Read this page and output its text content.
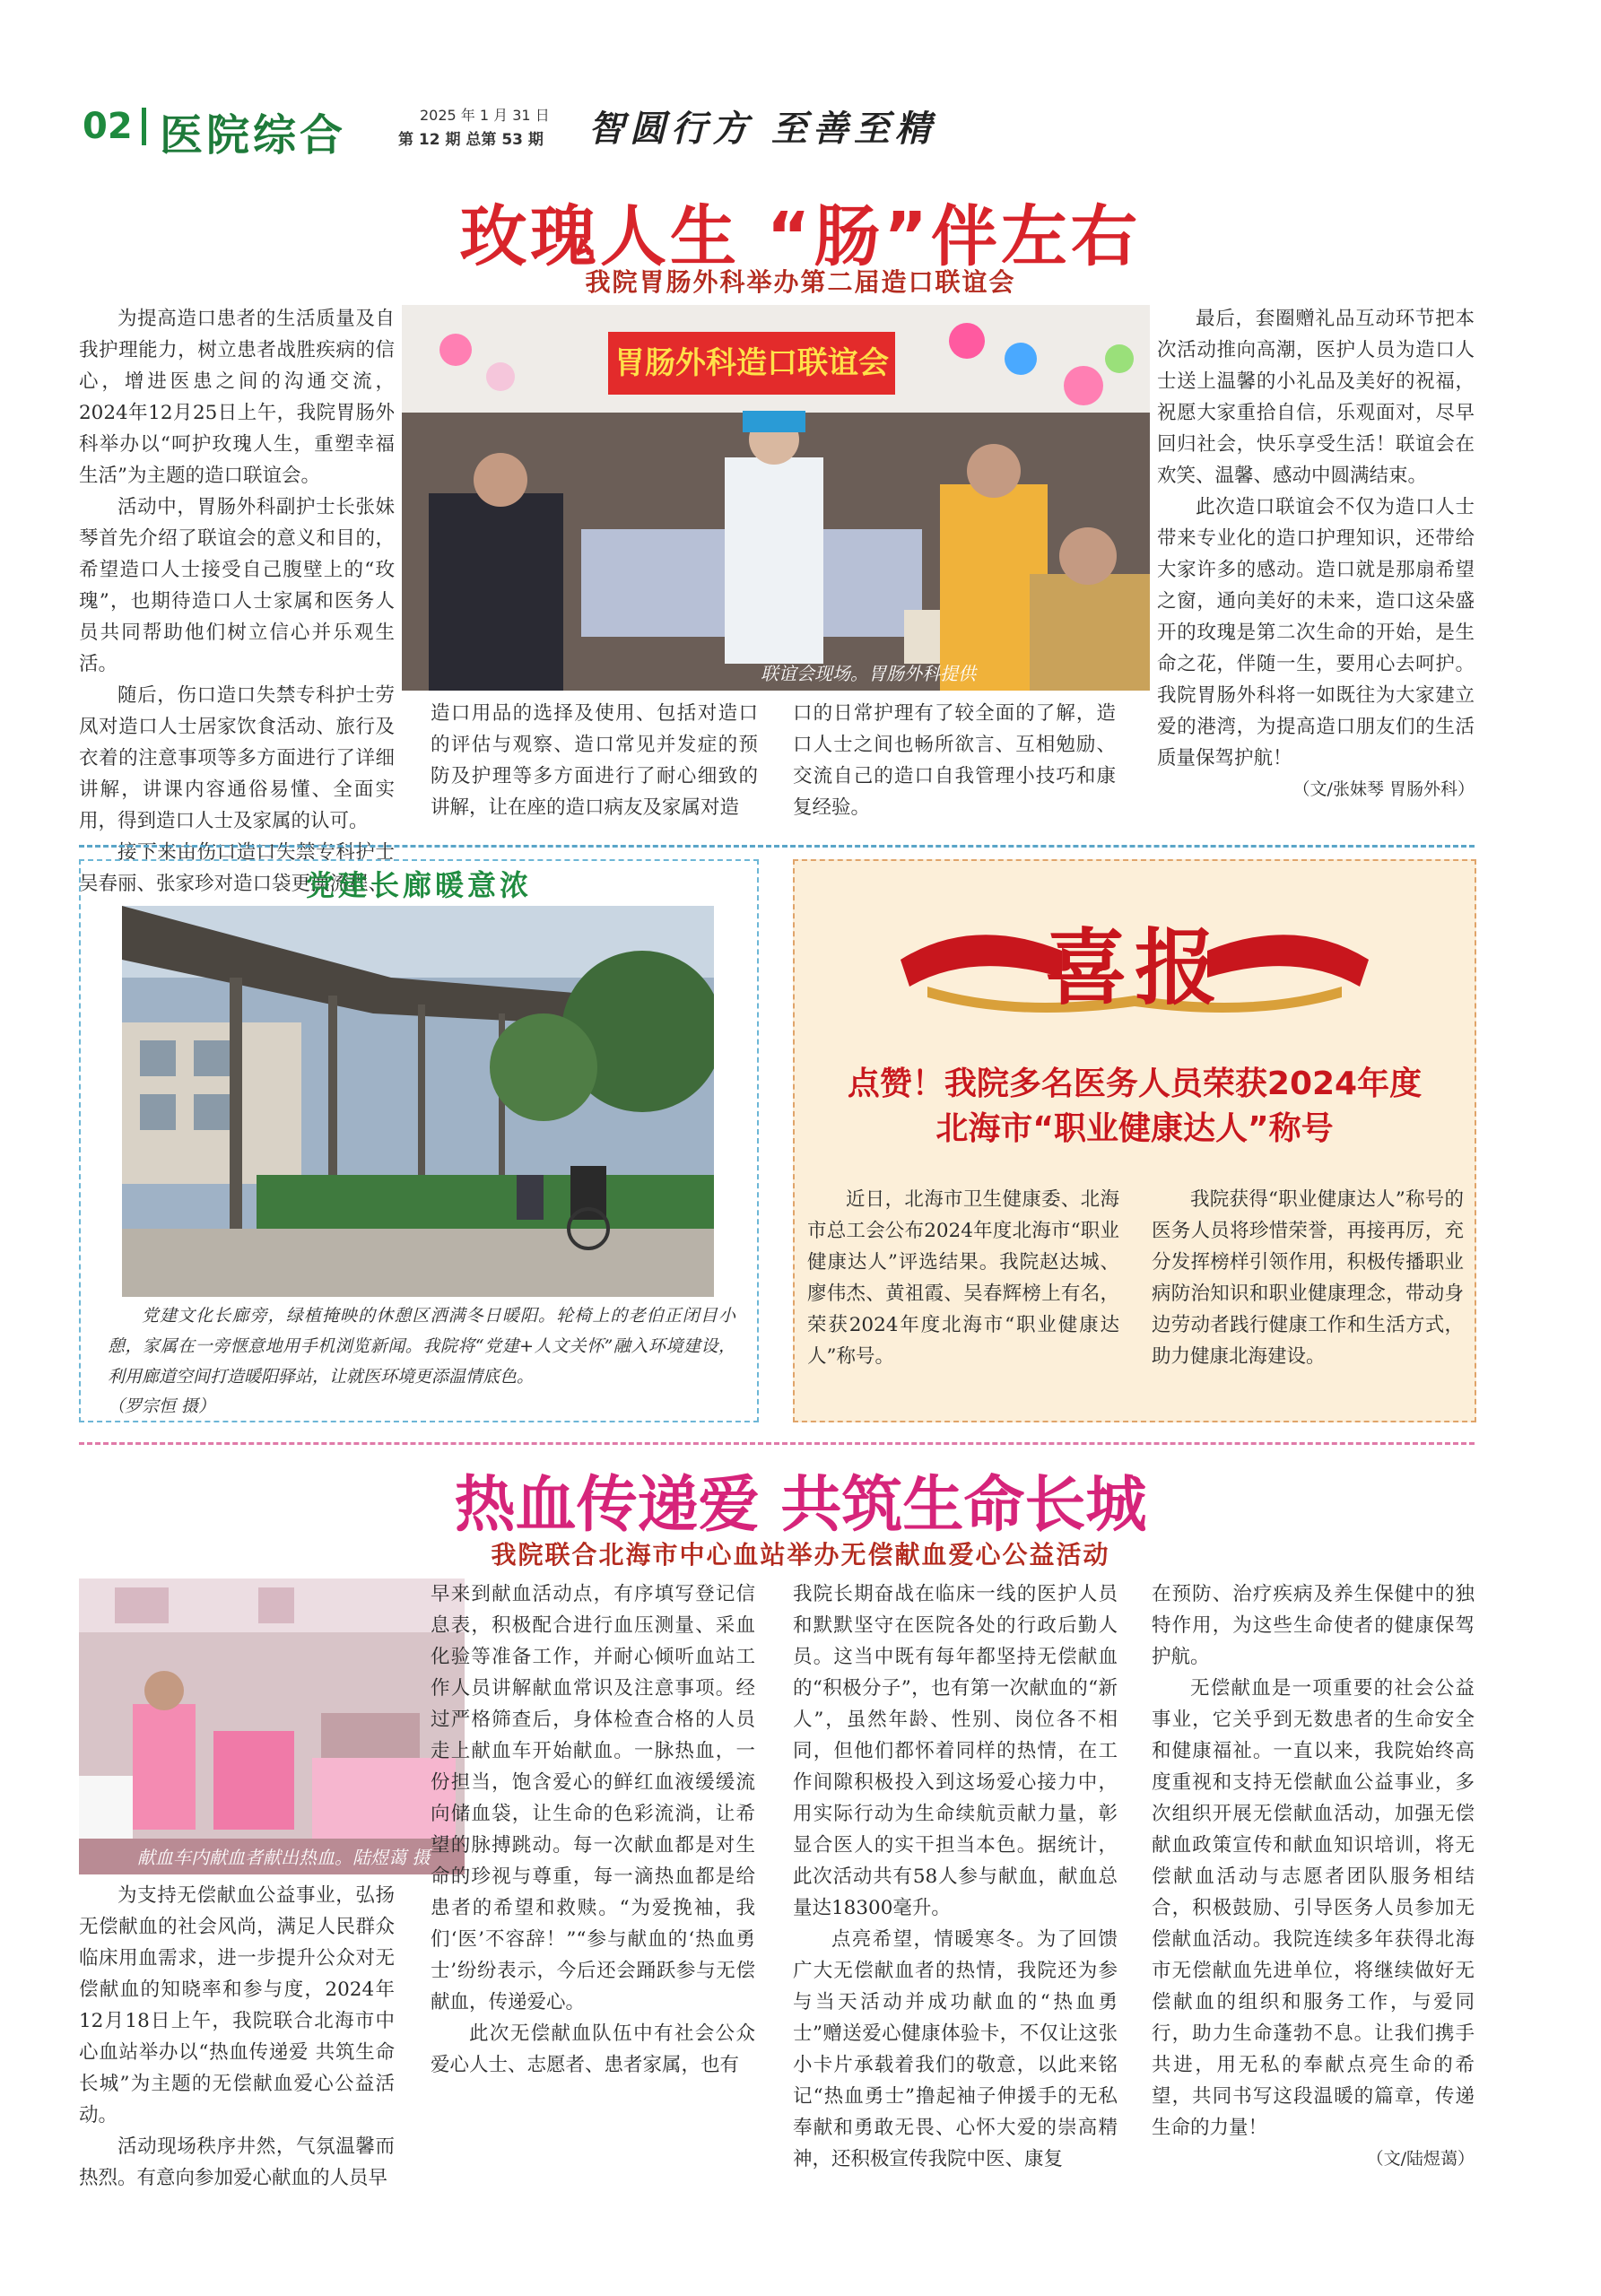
02 医院综合	2025 年 1 月 31 日
第 12 期 总第 53 期 智圆行方 至善至精
玫瑰人生 “肠”伴左右
我院胃肠外科举办第二届造口联谊会

为提高造口患者的生活质量及自我护理能力，树立患者战胜疾病的信心，增进医患之间的沟通交流，2024年12月25日上午，我院胃肠外科举办以“呵护玫瑰人生，重塑幸福生活”为主题的造口联谊会。

活动中，胃肠外科副护士长张妹琴首先介绍了联谊会的意义和目的，希望造口人士接受自己腹壁上的“玫瑰”，也期待造口人士家属和医务人员共同帮助他们树立信心并乐观生活。

随后，伤口造口失禁专科护士劳凤对造口人士居家饮食活动、旅行及衣着的注意事项等多方面进行了详细讲解，讲课内容通俗易懂、全面实用，得到造口人士及家属的认可。

接下来由伤口造口失禁专科护士吴春丽、张家珍对造口袋更换流程、

胃肠外科造口联谊会
联谊会现场。胃肠外科提供

造口用品的选择及使用、包括对造口的评估与观察、造口常见并发症的预防及护理等多方面进行了耐心细致的讲解，让在座的造口病友及家属对造

口的日常护理有了较全面的了解，造口人士之间也畅所欲言、互相勉励、交流自己的造口自我管理小技巧和康复经验。

最后，套圈赠礼品互动环节把本次活动推向高潮，医护人员为造口人士送上温馨的小礼品及美好的祝福，祝愿大家重拾自信，乐观面对，尽早回归社会，快乐享受生活！联谊会在欢笑、温馨、感动中圆满结束。

此次造口联谊会不仅为造口人士带来专业化的造口护理知识，还带给大家许多的感动。造口就是那扇希望之窗，通向美好的未来，造口这朵盛开的玫瑰是第二次生命的开始，是生命之花，伴随一生，要用心去呵护。我院胃肠外科将一如既往为大家建立爱的港湾，为提高造口朋友们的生活质量保驾护航！

（文/张妹琴 胃肠外科）

党建长廊暖意浓
党建文化长廊旁，绿植掩映的休憩区洒满冬日暖阳。轮椅上的老伯正闭目小憩，家属在一旁惬意地用手机浏览新闻。我院将“党建+人文关怀”融入环境建设，利用廊道空间打造暖阳驿站，让就医环境更添温情底色。
（罗宗恒 摄）
喜报
点赞！我院多名医务人员荣获2024年度
北海市“职业健康达人”称号

近日，北海市卫生健康委、北海市总工会公布2024年度北海市“职业健康达人”评选结果。我院赵达城、廖伟杰、黄祖霞、吴春辉榜上有名，荣获2024年度北海市“职业健康达人”称号。

我院获得“职业健康达人”称号的医务人员将珍惜荣誉，再接再厉，充分发挥榜样引领作用，积极传播职业病防治知识和职业健康理念，带动身边劳动者践行健康工作和生活方式，助力健康北海建设。

热血传递爱 共筑生命长城
我院联合北海市中心血站举办无偿献血爱心公益活动
献血车内献血者献出热血。陆煜蔼 摄

为支持无偿献血公益事业，弘扬无偿献血的社会风尚，满足人民群众临床用血需求，进一步提升公众对无偿献血的知晓率和参与度，2024年12月18日上午，我院联合北海市中心血站举办以“热血传递爱 共筑生命长城”为主题的无偿献血爱心公益活动。

活动现场秩序井然，气氛温馨而热烈。有意向参加爱心献血的人员早

早来到献血活动点，有序填写登记信息表，积极配合进行血压测量、采血化验等准备工作，并耐心倾听血站工作人员讲解献血常识及注意事项。经过严格筛查后，身体检查合格的人员走上献血车开始献血。一脉热血，一份担当，饱含爱心的鲜红血液缓缓流向储血袋，让生命的色彩流淌，让希望的脉搏跳动。每一次献血都是对生命的珍视与尊重，每一滴热血都是给患者的希望和救赎。“为爱挽袖，我们‘医’不容辞！”“参与献血的‘热血勇士’纷纷表示，今后还会踊跃参与无偿献血，传递爱心。

此次无偿献血队伍中有社会公众爱心人士、志愿者、患者家属，也有

我院长期奋战在临床一线的医护人员和默默坚守在医院各处的行政后勤人员。这当中既有每年都坚持无偿献血的“积极分子”，也有第一次献血的“新人”，虽然年龄、性别、岗位各不相同，但他们都怀着同样的热情，在工作间隙积极投入到这场爱心接力中，用实际行动为生命续航贡献力量，彰显合医人的实干担当本色。据统计，此次活动共有58人参与献血，献血总量达18300毫升。

点亮希望，情暖寒冬。为了回馈广大无偿献血者的热情，我院还为参与当天活动并成功献血的“热血勇士”赠送爱心健康体验卡，不仅让这张小卡片承载着我们的敬意，以此来铭记“热血勇士”撸起袖子伸援手的无私奉献和勇敢无畏、心怀大爱的崇高精神，还积极宣传我院中医、康复

在预防、治疗疾病及养生保健中的独特作用，为这些生命使者的健康保驾护航。

无偿献血是一项重要的社会公益事业，它关乎到无数患者的生命安全和健康福祉。一直以来，我院始终高度重视和支持无偿献血公益事业，多次组织开展无偿献血活动，加强无偿献血政策宣传和献血知识培训，将无偿献血活动与志愿者团队服务相结合，积极鼓励、引导医务人员参加无偿献血活动。我院连续多年获得北海市无偿献血先进单位，将继续做好无偿献血的组织和服务工作，与爱同行，助力生命蓬勃不息。让我们携手共进，用无私的奉献点亮生命的希望，共同书写这段温暖的篇章，传递生命的力量！

（文/陆煜蔼）
